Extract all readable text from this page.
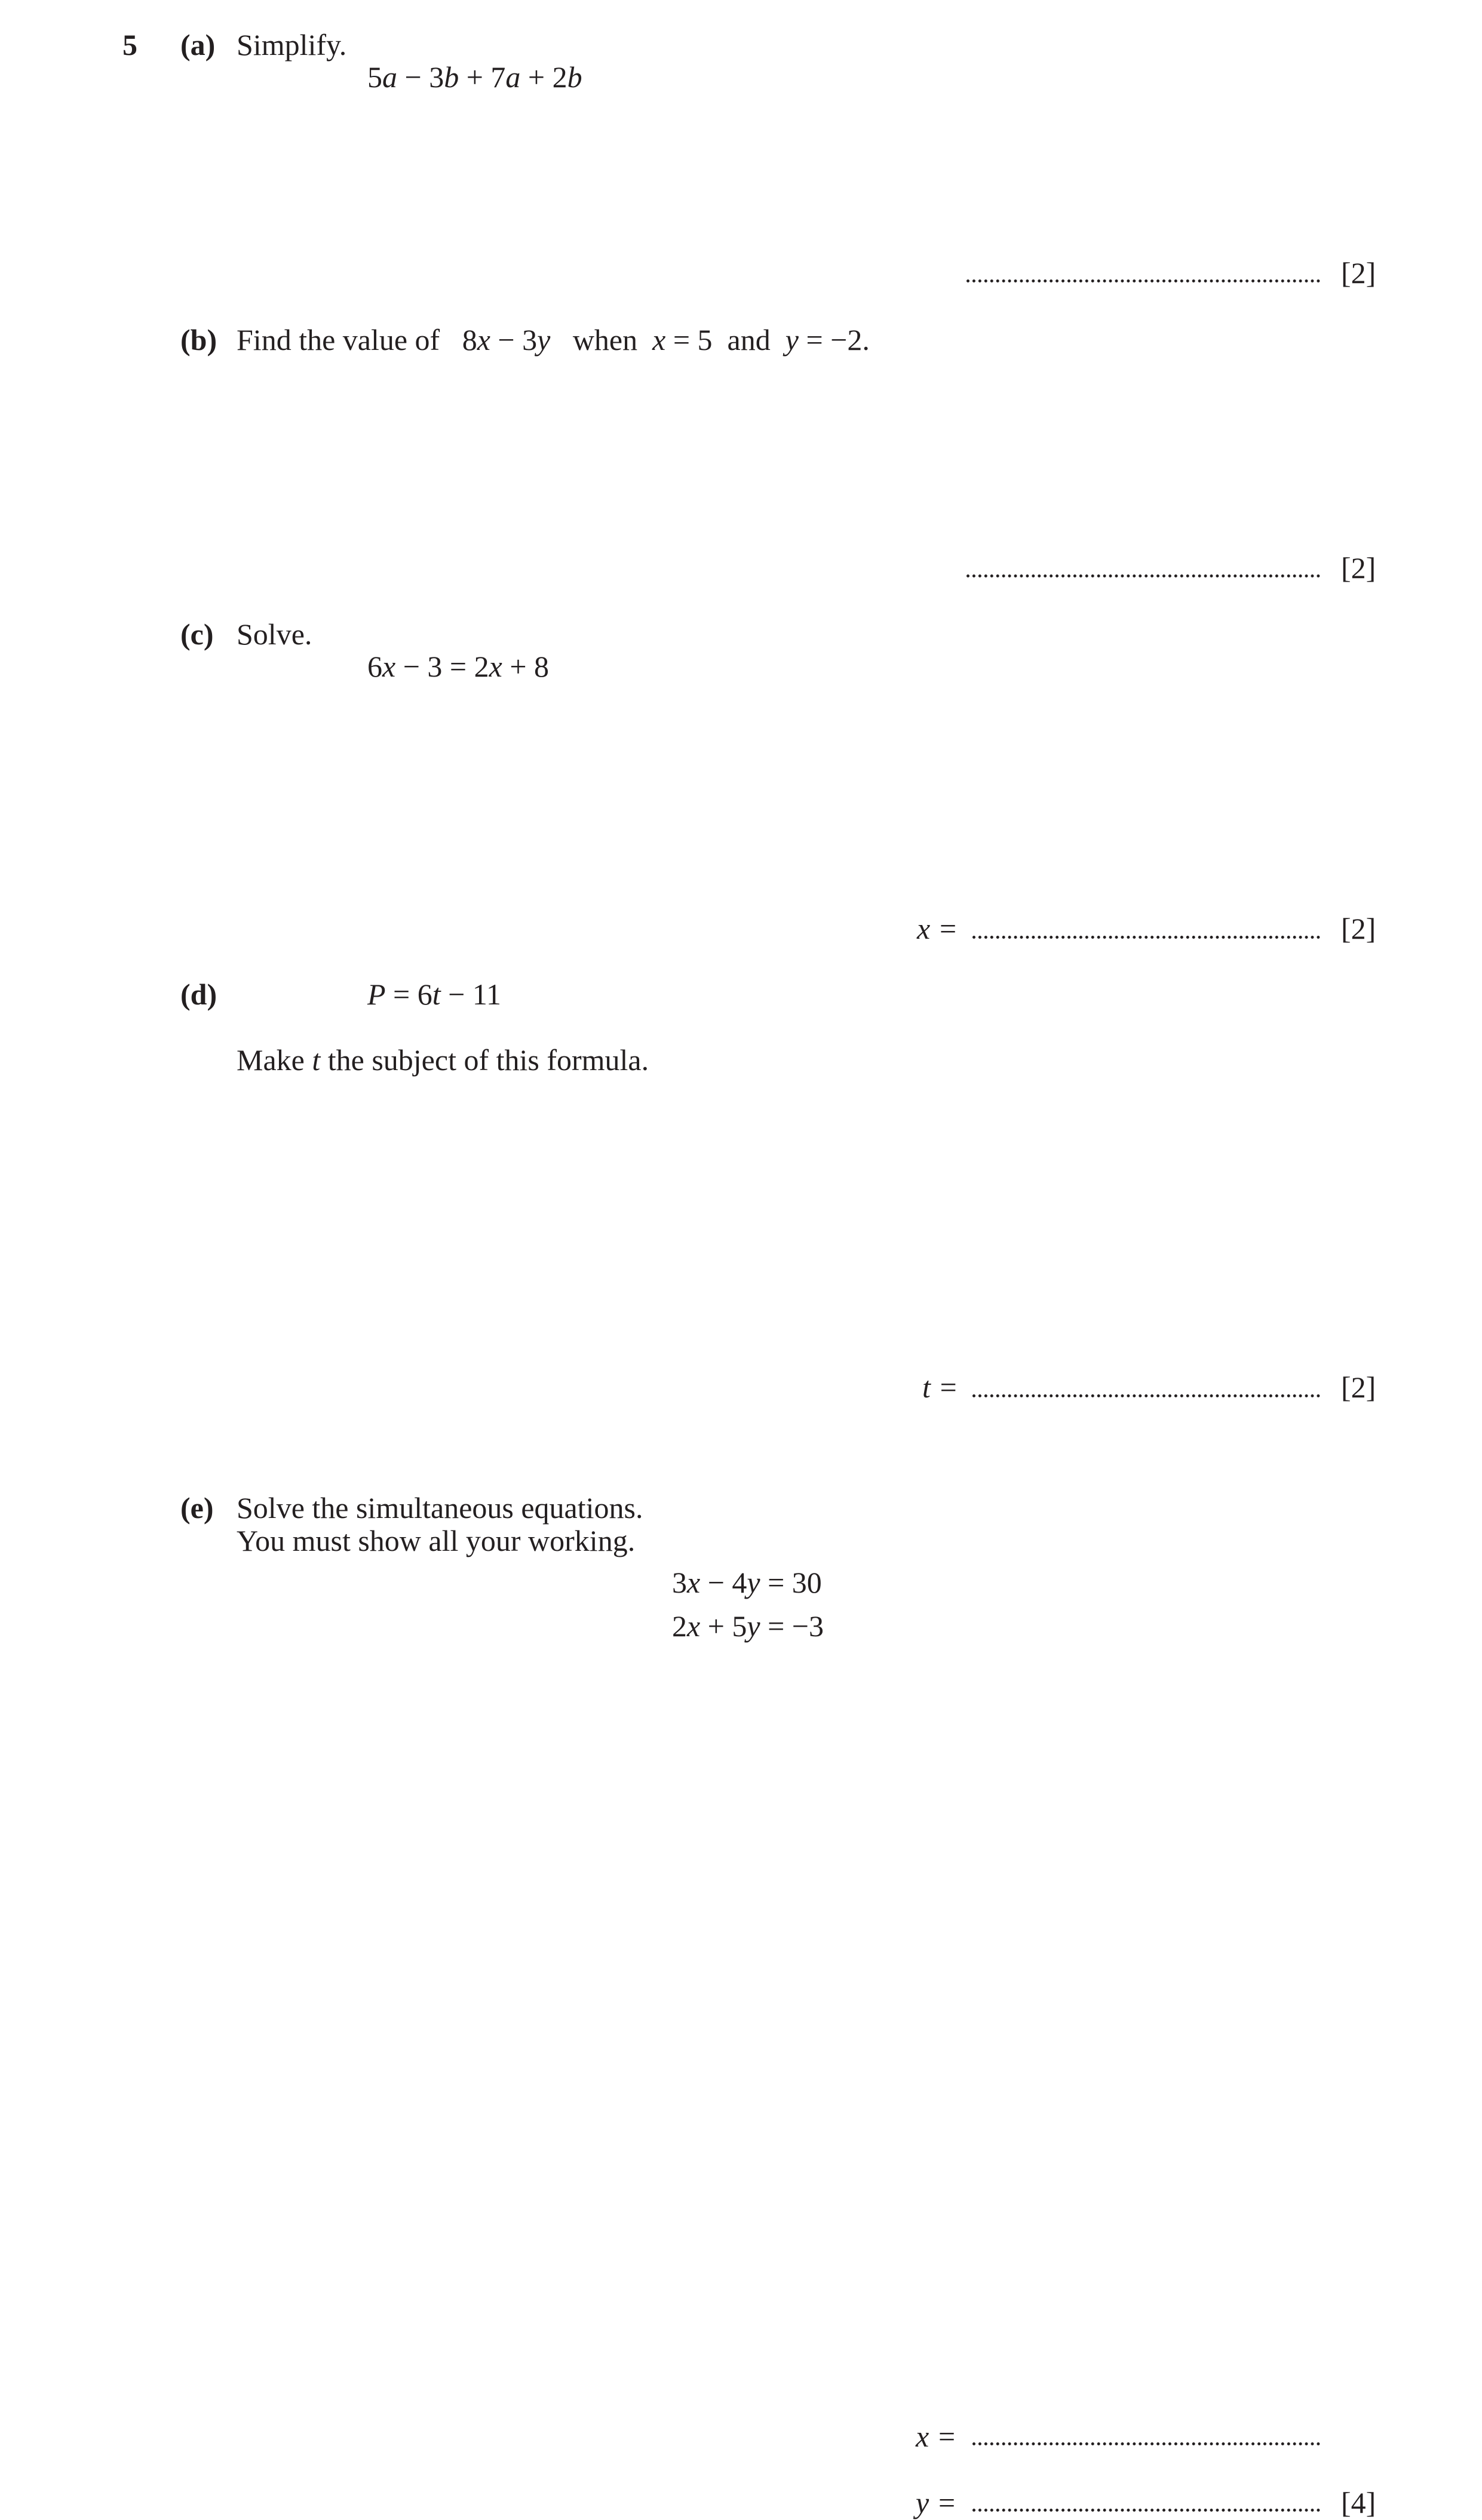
5 (a) Simplify.
5a − 3b + 7a + 2b
[2]
(b) Find the value of   8x − 3y   when  x = 5  and  y = −2.
[2]
(c) Solve.
6x − 3 = 2x + 8
x =	[2]
(d)	P = 6t − 11
Make t the subject of this formula.
t =	[2]
(e) Solve the simultaneous equations.
You must show all your working.
3x − 4y = 30
2x + 5y = −3
x =
y =	[4]
